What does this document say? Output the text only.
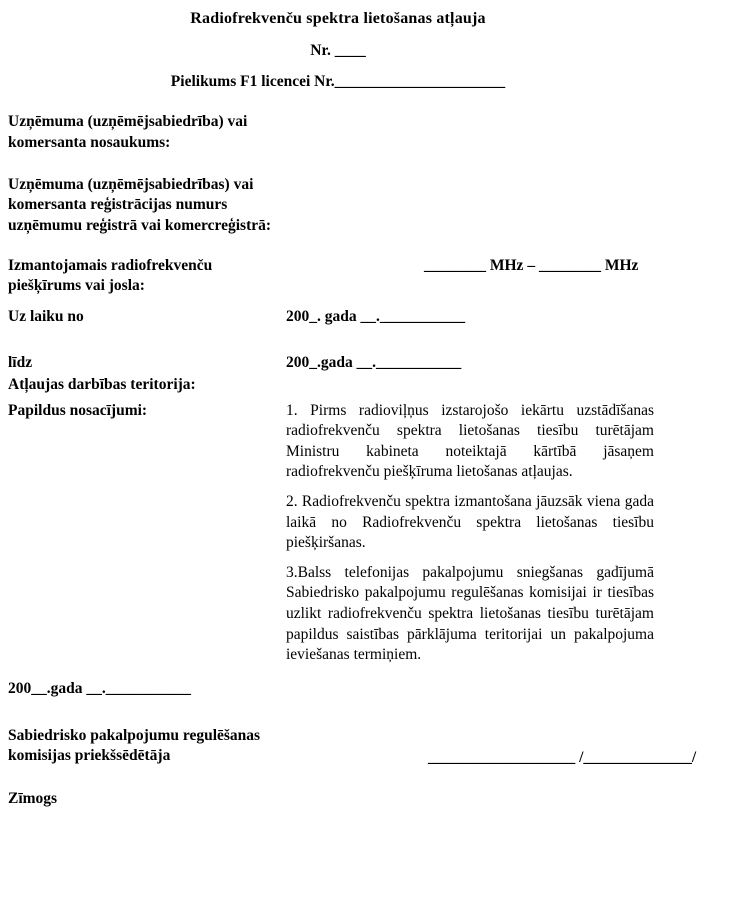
Radiofrekvenču spektra lietošanas atļauja
Nr. ____
Pielikums F1 licencei Nr.______________________
Uzņēmuma (uzņēmējsabiedrība) vai komersanta nosaukums:
Uzņēmuma (uzņēmējsabiedrības) vai komersanta reģistrācijas numurs uzņēmumu reģistrā vai komercreģistrā:
Izmantojamais radiofrekvenču piešķīrums vai josla:
________ MHz – ________ MHz
Uz laiku no	200_. gada __.___________
līdz	200_.gada __.___________
Atļaujas darbības teritorija:
Papildus nosacījumi:	1. Pirms radioviļņus izstarojošo iekārtu uzstādīšanas radiofrekvenču spektra lietošanas tiesību turētājam Ministru kabineta noteiktajā kārtībā jāsaņem radiofrekvenču piešķīruma lietošanas atļaujas.

2. Radiofrekvenču spektra izmantošana jāuzsāk viena gada laikā no Radiofrekvenču spektra lietošanas tiesību piešķiršanas.

3.Balss telefonijas pakalpojumu sniegšanas gadījumā Sabiedrisko pakalpojumu regulēšanas komisijai ir tiesības uzlikt radiofrekvenču spektra lietošanas tiesību turētājam papildus saistības pārklājuma teritorijai un pakalpojuma ieviešanas termiņiem.

200__.gada __.___________
Sabiedrisko pakalpojumu regulēšanas komisijas priekšsēdētāja	___________________ /______________/
Zīmogs
